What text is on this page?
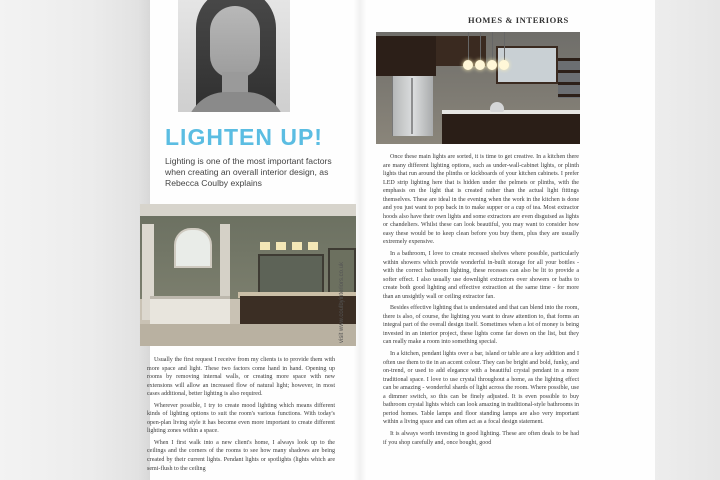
LIGHTEN UP!

Lighting is one of the most important factors when creating an overall interior design, as Rebecca Coulby explains

visit www.coulbyinteriors.co.uk

HOMES & INTERIORS

Usually the first request I receive from my clients is to provide them with more space and light. These two factors come hand in hand. Opening up rooms by removing internal walls, or creating more space with new extensions will allow an increased flow of natural light; however, in most cases additional, better lighting is also required.

Wherever possible, I try to create mood lighting which means different kinds of lighting options to suit the room's various functions. With today's open-plan living style it has become even more important to create different lighting zones within a space.

When I first walk into a new client's home, I always look up to the ceilings and the corners of the rooms to see how many shadows are being created by their current lights. Pendant lights or spotlights (lights which are semi-flush to the ceiling

Once these main lights are sorted, it is time to get creative. In a kitchen there are many different lighting options, such as under-wall-cabinet lights, or plinth lights that run around the plinths or kickboards of your kitchen cabinets. I prefer LED strip lighting here that is hidden under the pelmets or plinths, with the emphasis on the light that is created rather than the actual light fittings themselves. These are ideal in the evening when the work in the kitchen is done and you just want to pop back in to make supper or a cup of tea. Most extractor hoods also have their own lights and some extractors are even disguised as lights or chandeliers. Whilst these can look beautiful, you may want to consider how easy these would be to keep clean before you buy them, plus they are usually extremely expensive.

In a bathroom, I love to create recessed shelves where possible, particularly within showers which provide wonderful in-built storage for all your bottles - with the correct bathroom lighting, these recesses can also be lit to provide a softer effect. I also usually use downlight extractors over showers or baths to create both good lighting and effective extraction at the same time - for more than an unsightly wall or ceiling extractor fan.

Besides effective lighting that is understated and that can blend into the room, there is also, of course, the lighting you want to draw attention to, that forms an integral part of the overall design itself. Sometimes when a lot of money is being invested in an interior project, these lights come far down on the list, but they can really make a room into something special.

In a kitchen, pendant lights over a bar, island or table are a key addition and I often use them to tie in an accent colour. They can be bright and bold, funky, and on-trend, or used to add elegance with a beautiful crystal pendant in a more traditional space. I love to use crystal throughout a home, as the lighting effect can be amazing - wonderful shards of light across the room. Where possible, use a dimmer switch, so this can be finely adjusted. It is even possible to buy bathroom crystal lights which can look amazing in traditional-style bathrooms in period homes. Table lamps and floor standing lamps are also very important within a living space and can often act as a focal design statement.

It is always worth investing in good lighting. These are often deals to be had if you shop carefully and, once bought, good
